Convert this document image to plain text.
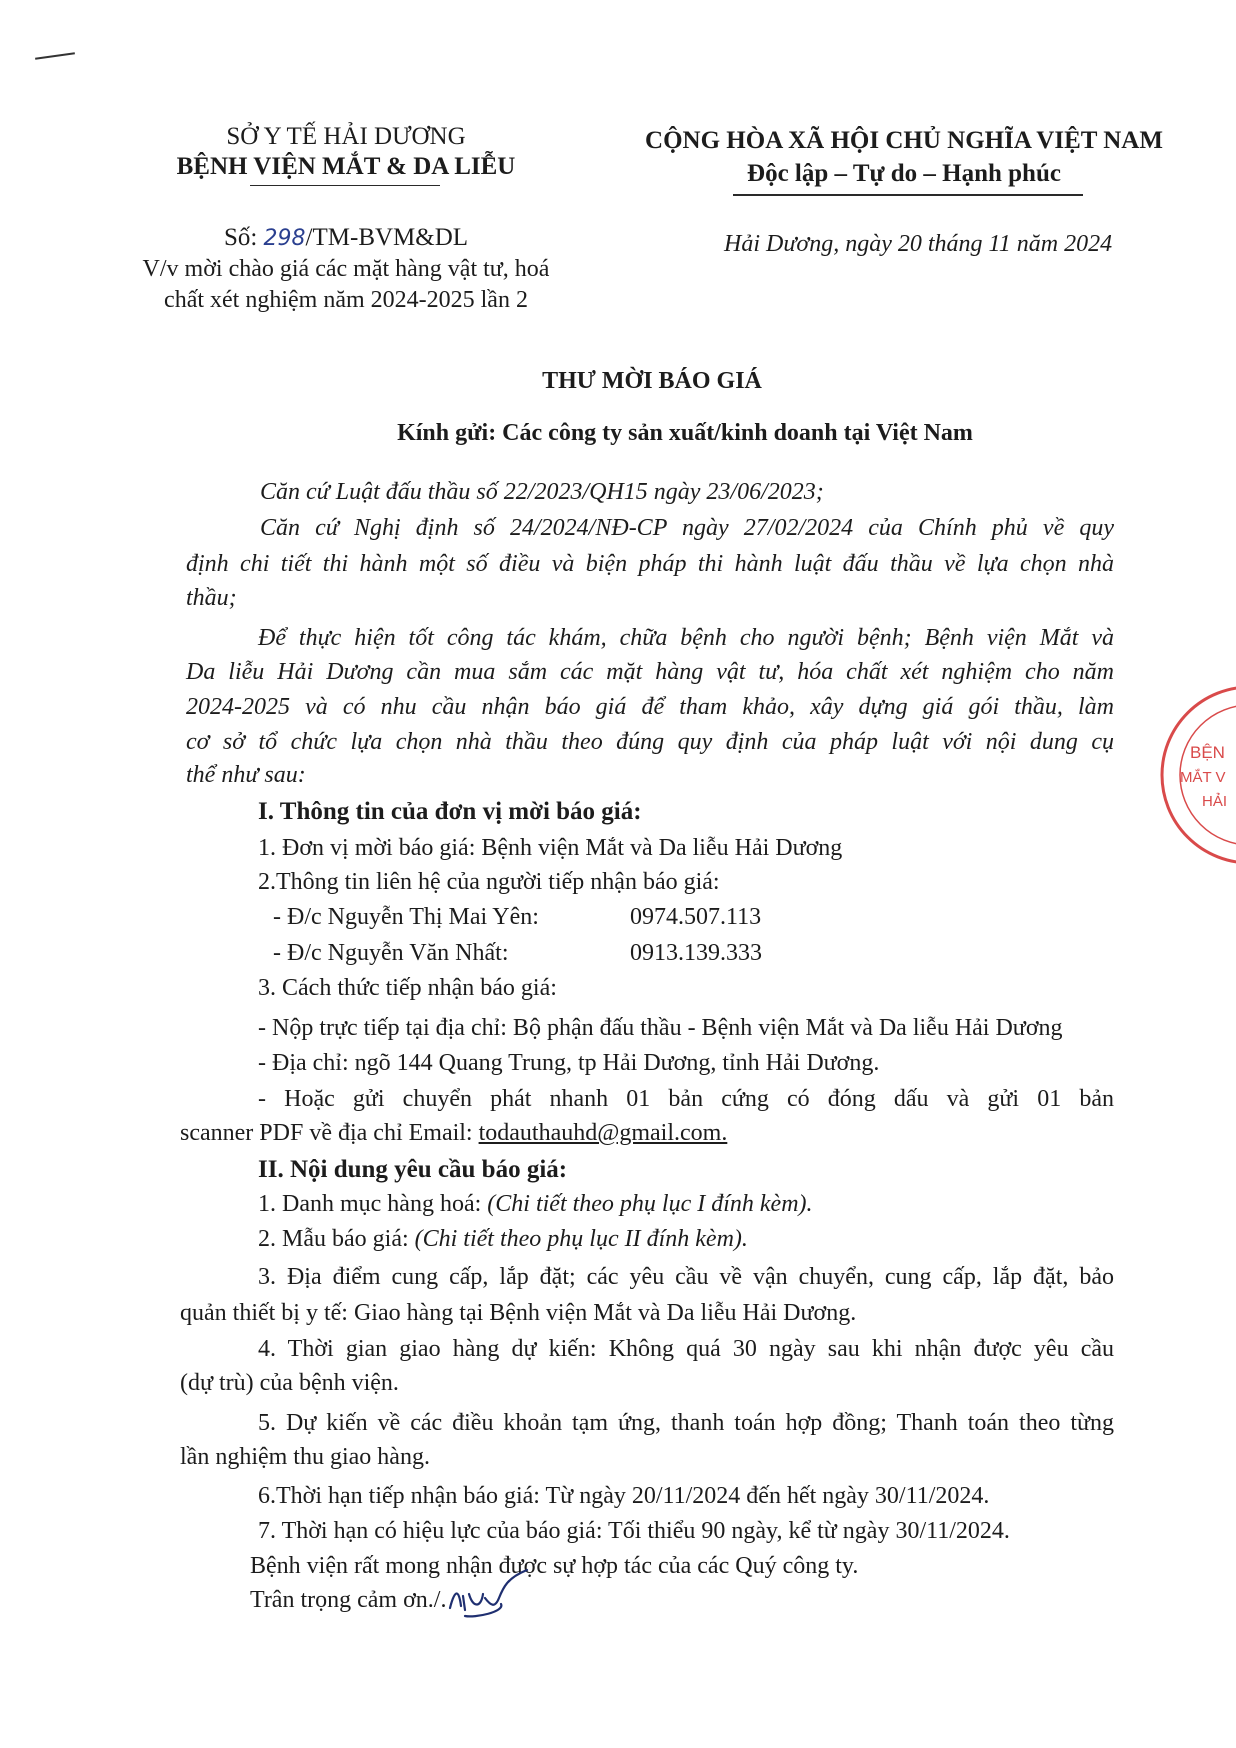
SỞ Y TẾ HẢI DƯƠNG
BỆNH VIỆN MẮT & DA LIỄU
CỘNG HÒA XÃ HỘI CHỦ NGHĨA VIỆT NAM
Độc lập – Tự do – Hạnh phúc
Số: 298/TM-BVM&DL
V/v mời chào giá các mặt hàng vật tư, hoá
chất xét nghiệm năm 2024-2025 lần 2
Hải Dương, ngày 20 tháng 11 năm 2024
THƯ MỜI BÁO GIÁ
Kính gửi: Các công ty sản xuất/kinh doanh tại Việt Nam
Căn cứ Luật đấu thầu số 22/2023/QH15 ngày 23/06/2023;
Căn cứ Nghị định số 24/2024/NĐ-CP ngày 27/02/2024 của Chính phủ về quy
định chi tiết thi hành một số điều và biện pháp thi hành luật đấu thầu về lựa chọn nhà
thầu;
Để thực hiện tốt công tác khám, chữa bệnh cho người bệnh; Bệnh viện Mắt và
Da liễu Hải Dương cần mua sắm các mặt hàng vật tư, hóa chất xét nghiệm cho năm
2024-2025 và có nhu cầu nhận báo giá để tham khảo, xây dựng giá gói thầu, làm
cơ sở tổ chức lựa chọn nhà thầu theo đúng quy định của pháp luật với nội dung cụ
thể như sau:
I. Thông tin của đơn vị mời báo giá:
1. Đơn vị mời báo giá: Bệnh viện Mắt và Da liễu Hải Dương
2.Thông tin liên hệ của người tiếp nhận báo giá:
- Đ/c Nguyễn Thị Mai Yên:	0974.507.113
- Đ/c Nguyễn Văn Nhất:	0913.139.333
3. Cách thức tiếp nhận báo giá:
- Nộp trực tiếp tại địa chỉ: Bộ phận đấu thầu - Bệnh viện Mắt và Da liễu Hải Dương
- Địa chỉ: ngõ 144 Quang Trung, tp Hải Dương, tỉnh Hải Dương.
- Hoặc gửi chuyển phát nhanh 01 bản cứng có đóng dấu và gửi 01 bản
scanner PDF về địa chỉ Email: todauthauhd@gmail.com.
II. Nội dung yêu cầu báo giá:
1. Danh mục hàng hoá: (Chi tiết theo phụ lục I đính kèm).
2. Mẫu báo giá: (Chi tiết theo phụ lục II đính kèm).
3. Địa điểm cung cấp, lắp đặt; các yêu cầu về vận chuyển, cung cấp, lắp đặt, bảo
quản thiết bị y tế: Giao hàng tại Bệnh viện Mắt và Da liễu Hải Dương.
4. Thời gian giao hàng dự kiến: Không quá 30 ngày sau khi nhận được yêu cầu
(dự trù) của bệnh viện.
5. Dự kiến về các điều khoản tạm ứng, thanh toán hợp đồng; Thanh toán theo từng
lần nghiệm thu giao hàng.
6.Thời hạn tiếp nhận báo giá: Từ ngày 20/11/2024 đến hết ngày 30/11/2024.
7. Thời hạn có hiệu lực của báo giá: Tối thiểu 90 ngày, kể từ ngày 30/11/2024.
Bệnh viện rất mong nhận được sự hợp tác của các Quý công ty.
Trân trọng cảm ơn./.
BỆN
MẮT V
HẢI
